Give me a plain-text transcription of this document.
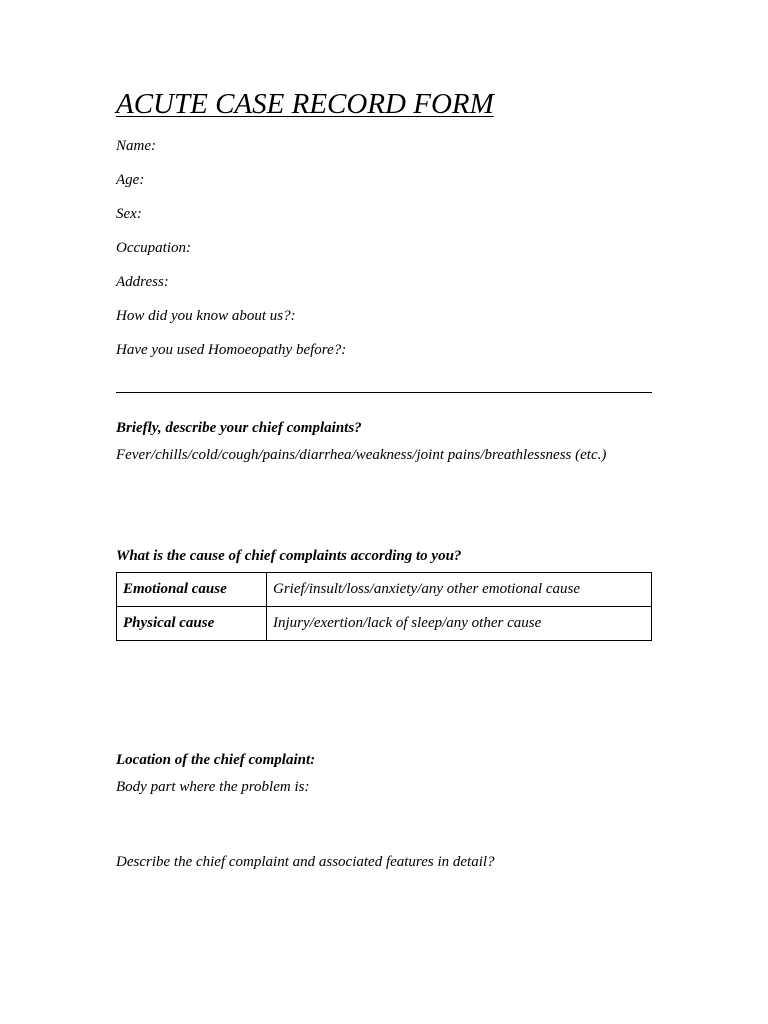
ACUTE CASE RECORD FORM
Name:
Age:
Sex:
Occupation:
Address:
How did you know about us?:
Have you used Homoeopathy before?:
Briefly, describe your chief complaints?
Fever/chills/cold/cough/pains/diarrhea/weakness/joint pains/breathlessness (etc.)
What is the cause of chief complaints according to you?
Emotional cause	Grief/insult/loss/anxiety/any other emotional cause
Physical cause	Injury/exertion/lack of sleep/any other cause
Location of the chief complaint:
Body part where the problem is:
Describe the chief complaint and associated features in detail?
